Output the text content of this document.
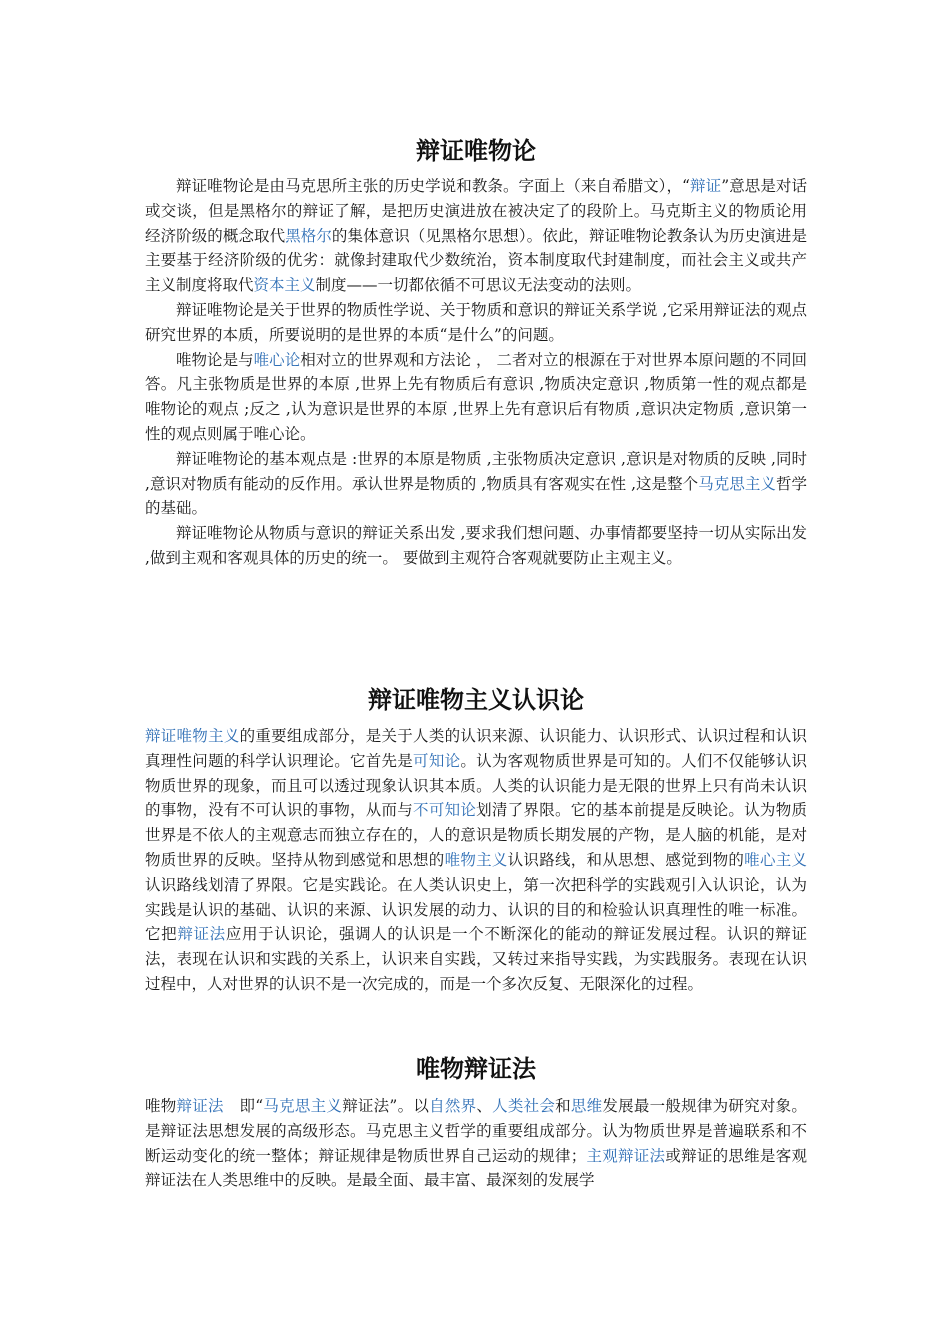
辩证唯物论

辩证唯物论是由马克思所主张的历史学说和教条。字面上（来自希腊文），“辩证”意思是对话或交谈，但是黑格尔的辩证了解，是把历史演进放在被决定了的段阶上。马克斯主义的物质论用经济阶级的概念取代黑格尔的集体意识（见黑格尔思想）。依此，辩证唯物论教条认为历史演进是主要基于经济阶级的优劣：就像封建取代少数统治，资本制度取代封建制度，而社会主义或共产主义制度将取代资本主义制度——一切都依循不可思议无法变动的法则。

辩证唯物论是关于世界的物质性学说、关于物质和意识的辩证关系学说 ,它采用辩证法的观点研究世界的本质，所要说明的是世界的本质“是什么”的问题。

唯物论是与唯心论相对立的世界观和方法论 ， 二者对立的根源在于对世界本原问题的不同回答。凡主张物质是世界的本原 ,世界上先有物质后有意识 ,物质决定意识 ,物质第一性的观点都是唯物论的观点 ;反之 ,认为意识是世界的本原 ,世界上先有意识后有物质 ,意识决定物质 ,意识第一性的观点则属于唯心论。

辩证唯物论的基本观点是 :世界的本原是物质 ,主张物质决定意识 ,意识是对物质的反映 ,同时 ,意识对物质有能动的反作用。承认世界是物质的 ,物质具有客观实在性 ,这是整个马克思主义哲学的基础。

辩证唯物论从物质与意识的辩证关系出发 ,要求我们想问题、办事情都要坚持一切从实际出发 ,做到主观和客观具体的历史的统一。 要做到主观符合客观就要防止主观主义。

辩证唯物主义认识论

辩证唯物主义的重要组成部分，是关于人类的认识来源、认识能力、认识形式、认识过程和认识真理性问题的科学认识理论。它首先是可知论。认为客观物质世界是可知的。人们不仅能够认识物质世界的现象，而且可以透过现象认识其本质。人类的认识能力是无限的世界上只有尚未认识的事物，没有不可认识的事物，从而与不可知论划清了界限。它的基本前提是反映论。认为物质世界是不依人的主观意志而独立存在的，人的意识是物质长期发展的产物，是人脑的机能，是对物质世界的反映。坚持从物到感觉和思想的唯物主义认识路线，和从思想、感觉到物的唯心主义认识路线划清了界限。它是实践论。在人类认识史上，第一次把科学的实践观引入认识论，认为实践是认识的基础、认识的来源、认识发展的动力、认识的目的和检验认识真理性的唯一标准。它把辩证法应用于认识论，强调人的认识是一个不断深化的能动的辩证发展过程。认识的辩证法，表现在认识和实践的关系上，认识来自实践，又转过来指导实践，为实践服务。表现在认识过程中，人对世界的认识不是一次完成的，而是一个多次反复、无限深化的过程。

唯物辩证法

唯物辩证法　即“马克思主义辩证法”。以自然界、人类社会和思维发展最一般规律为研究对象。是辩证法思想发展的高级形态。马克思主义哲学的重要组成部分。认为物质世界是普遍联系和不断运动变化的统一整体；辩证规律是物质世界自己运动的规律；主观辩证法或辩证的思维是客观辩证法在人类思维中的反映。是最全面、最丰富、最深刻的发展学
